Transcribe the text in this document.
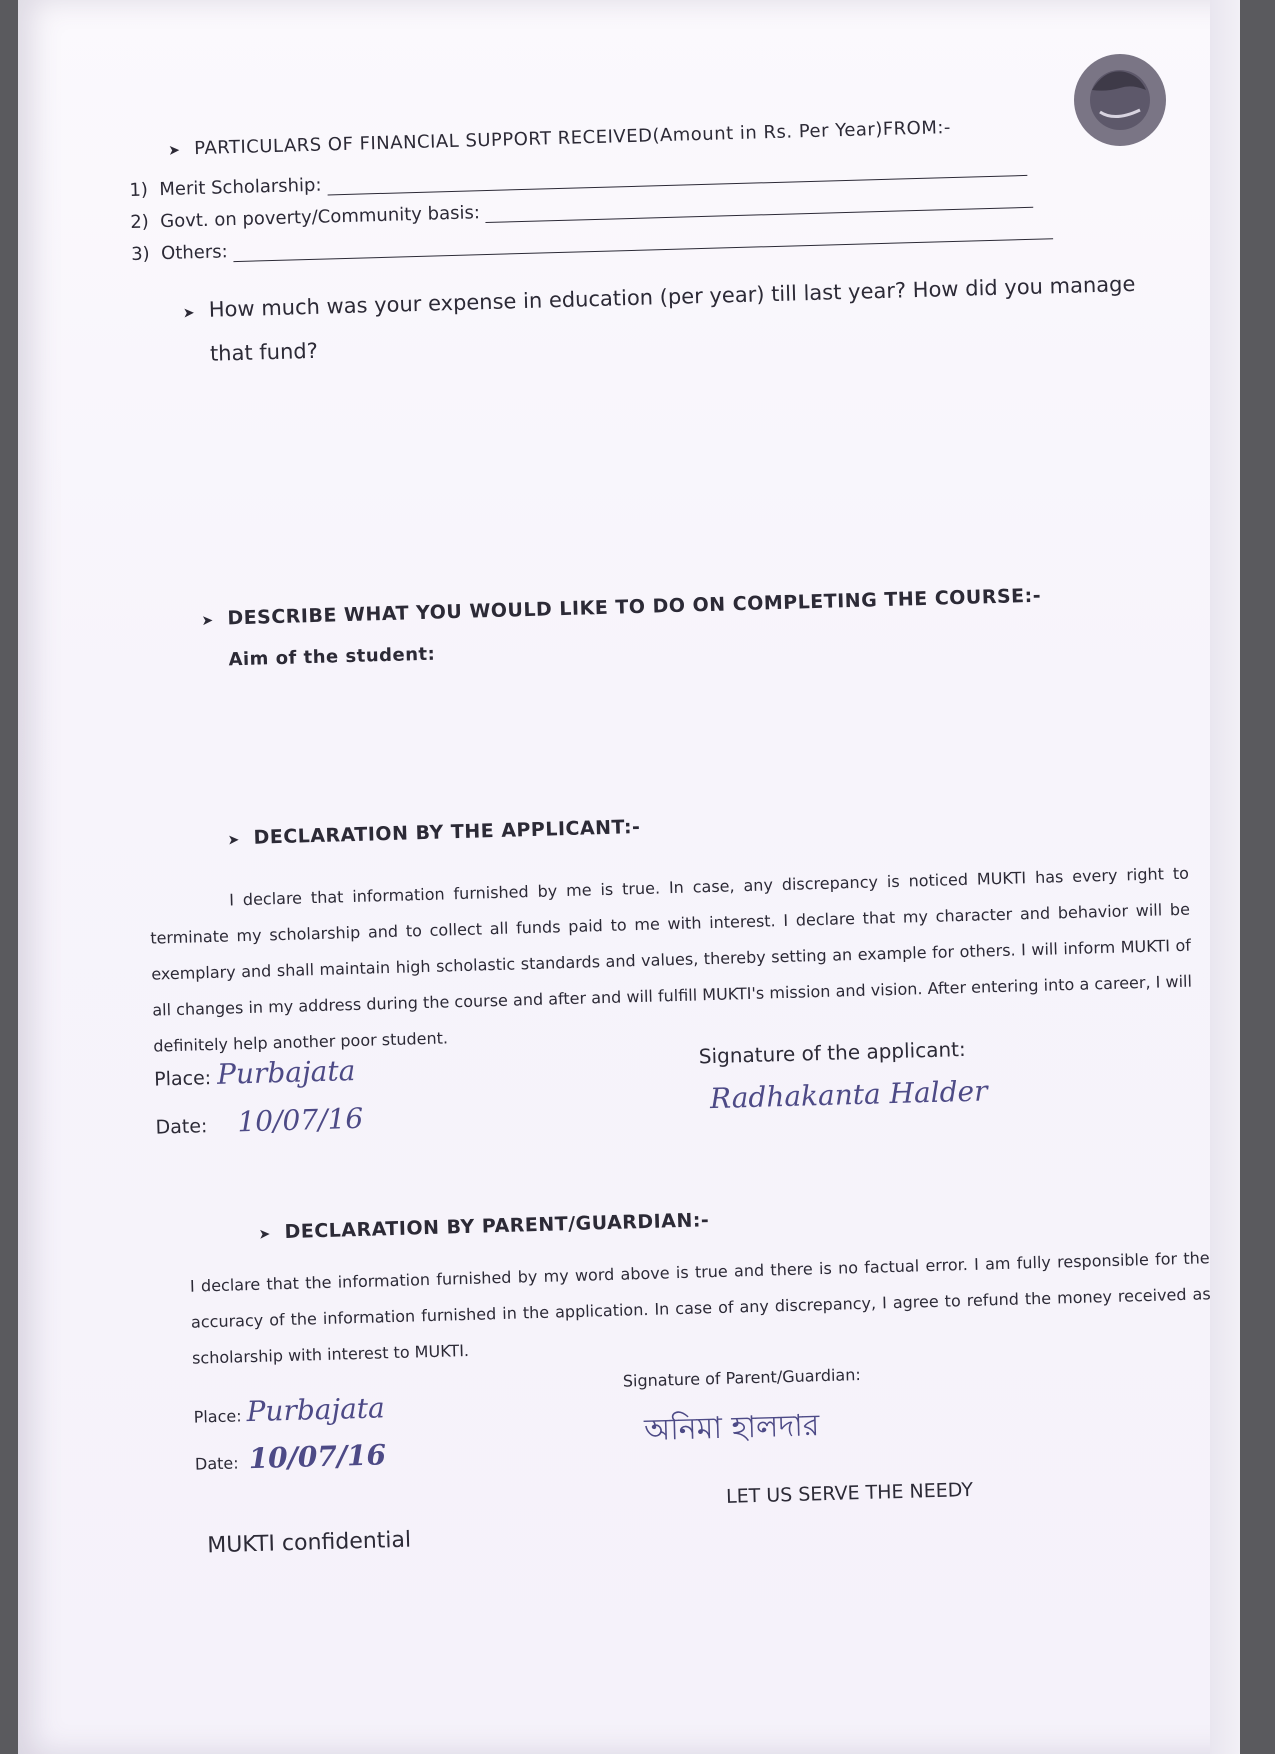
➤ PARTICULARS OF FINANCIAL SUPPORT RECEIVED(Amount in Rs. Per Year)FROM:-
1) Merit Scholarship:
2) Govt. on poverty/Community basis:
3) Others:
➤ How much was your expense in education (per year) till last year? How did you manage
that fund?
➤ DESCRIBE WHAT YOU WOULD LIKE TO DO ON COMPLETING THE COURSE:-
Aim of the student:
➤ DECLARATION BY THE APPLICANT:-
I declare that information furnished by me is true. In case, any discrepancy is noticed MUKTI has every right to terminate my scholarship and to collect all funds paid to me with interest. I declare that my character and behavior will be exemplary and shall maintain high scholastic standards and values, thereby setting an example for others. I will inform MUKTI of all changes in my address during the course and after and will fulfill MUKTI's mission and vision. After entering into a career, I will definitely help another poor student.
Place: Purbajata
Date: 10/07/16
Signature of the applicant:
Radhakanta Halder
➤ DECLARATION BY PARENT/GUARDIAN:-
I declare that the information furnished by my word above is true and there is no factual error. I am fully responsible for the accuracy of the information furnished in the application. In case of any discrepancy, I agree to refund the money received as scholarship with interest to MUKTI.
Place: Purbajata
Date: 10/07/16
Signature of Parent/Guardian:
অনিমা হালদার
MUKTI confidential
LET US SERVE THE NEEDY
